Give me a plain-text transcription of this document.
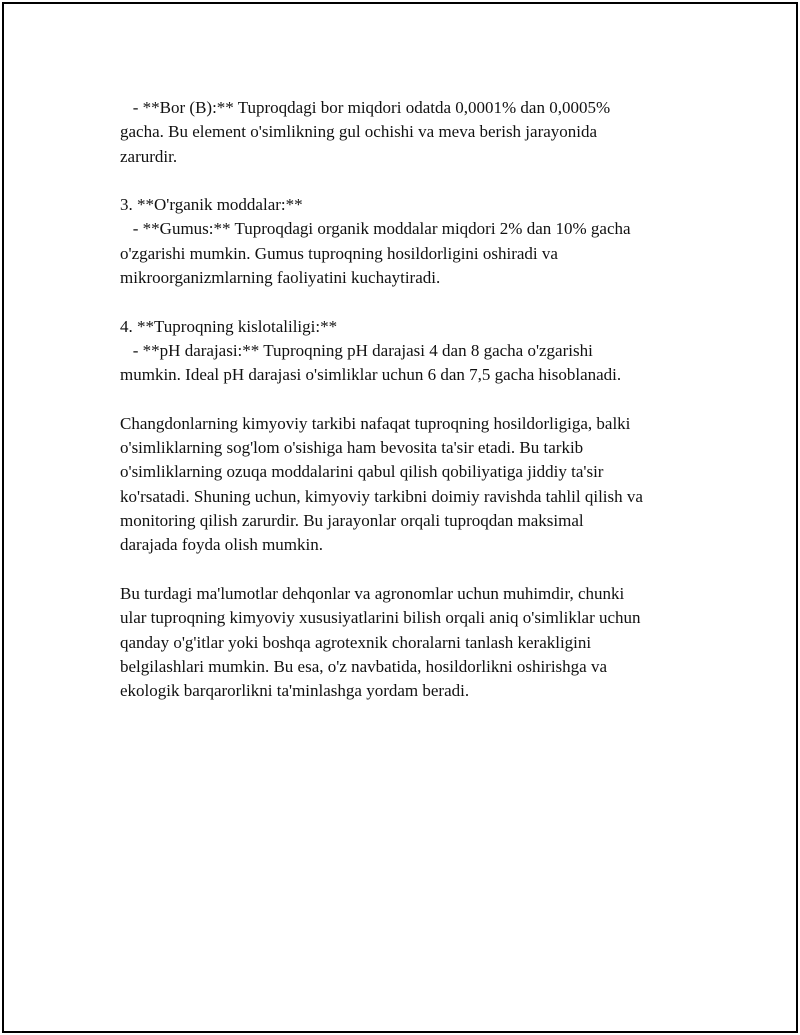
- **Bor (B):** Tuproqdagi bor miqdori odatda 0,0001% dan 0,0005%
gacha. Bu element o'simlikning gul ochishi va meva berish jarayonida
zarurdir.
3. **O'rganik moddalar:**
- **Gumus:** Tuproqdagi organik moddalar miqdori 2% dan 10% gacha
o'zgarishi mumkin. Gumus tuproqning hosildorligini oshiradi va
mikroorganizmlarning faoliyatini kuchaytiradi.
4. **Tuproqning kislotaliligi:**
- **pH darajasi:** Tuproqning pH darajasi 4 dan 8 gacha o'zgarishi
mumkin. Ideal pH darajasi o'simliklar uchun 6 dan 7,5 gacha hisoblanadi.
Changdonlarning kimyoviy tarkibi nafaqat tuproqning hosildorligiga, balki
o'simliklarning sog'lom o'sishiga ham bevosita ta'sir etadi. Bu tarkib
o'simliklarning ozuqa moddalarini qabul qilish qobiliyatiga jiddiy ta'sir
ko'rsatadi. Shuning uchun, kimyoviy tarkibni doimiy ravishda tahlil qilish va
monitoring qilish zarurdir. Bu jarayonlar orqali tuproqdan maksimal
darajada foyda olish mumkin.
Bu turdagi ma'lumotlar dehqonlar va agronomlar uchun muhimdir, chunki
ular tuproqning kimyoviy xususiyatlarini bilish orqali aniq o'simliklar uchun
qanday o'g'itlar yoki boshqa agrotexnik choralarni tanlash kerakligini
belgilashlari mumkin. Bu esa, o'z navbatida, hosildorlikni oshirishga va
ekologik barqarorlikni ta'minlashga yordam beradi.
